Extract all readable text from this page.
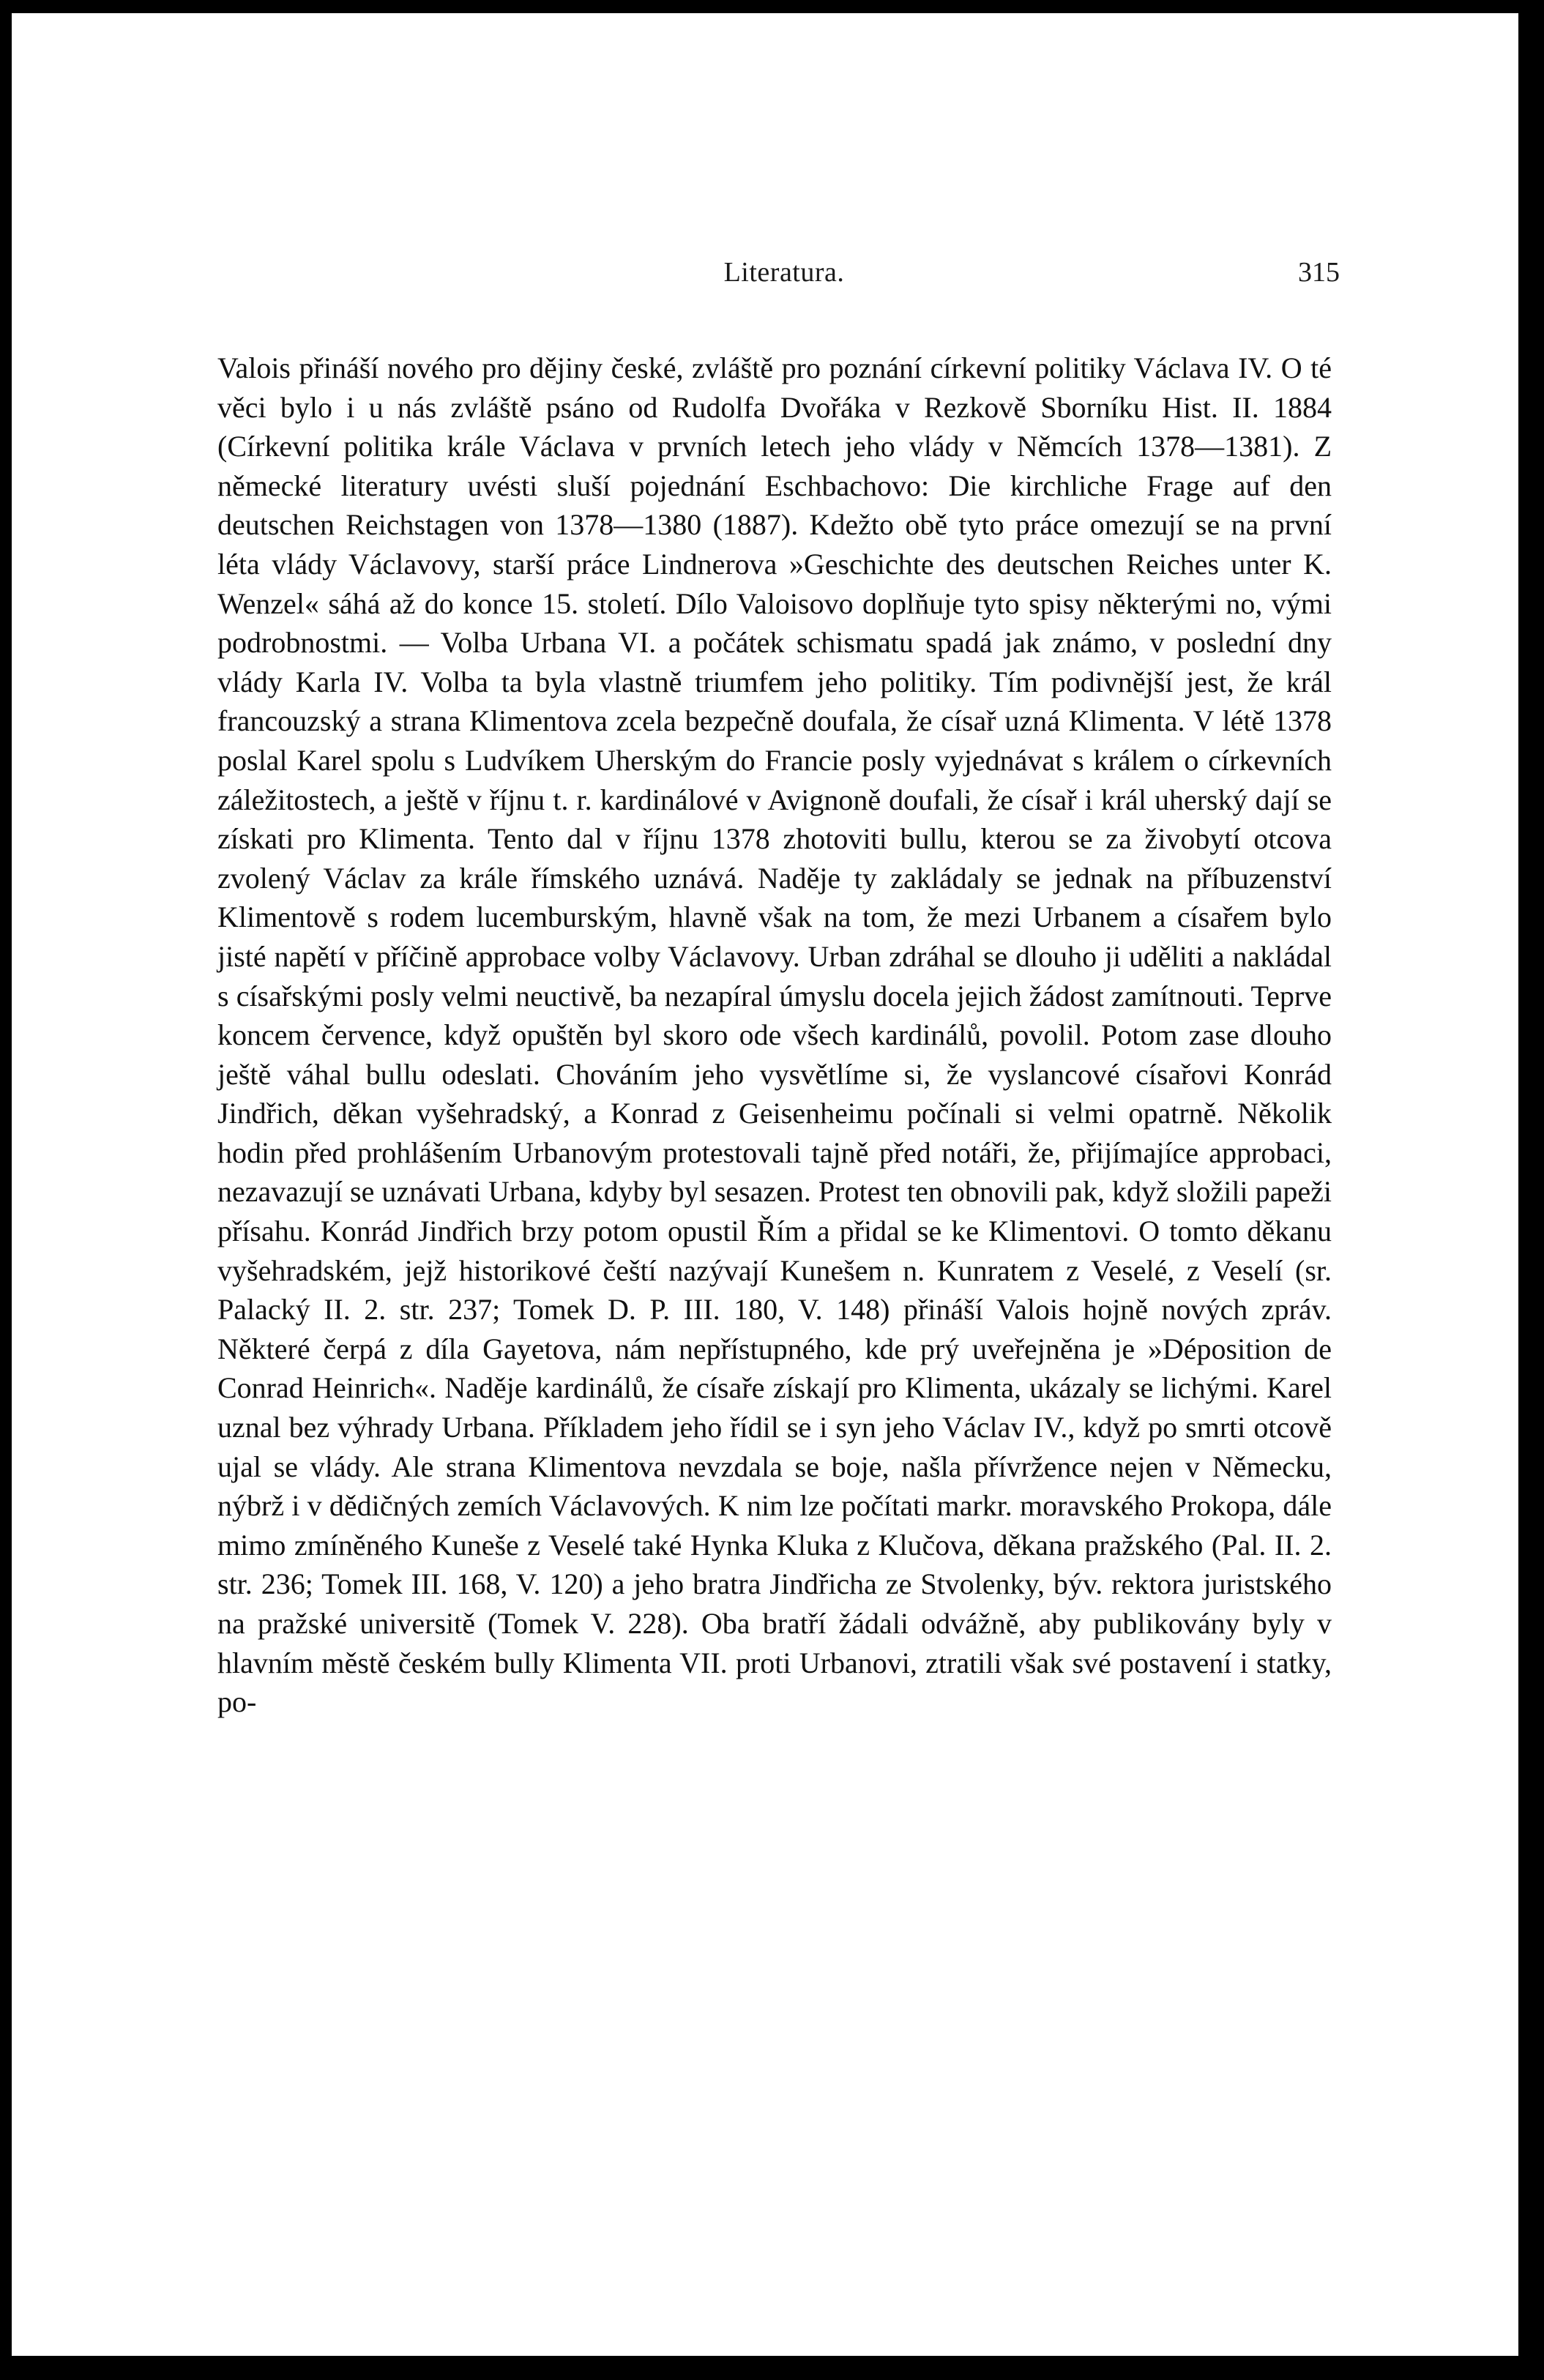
Literatura.	315

Valois přináší nového pro dějiny české, zvláště pro poznání církevní politiky Václava IV. O té věci bylo i u nás zvláště psáno od Rudolfa Dvořáka v Rezkově Sborníku Hist. II. 1884 (Církevní politika krále Václava v prvních letech jeho vlády v Němcích 1378—1381). Z německé literatury uvésti sluší pojednání Eschbachovo: Die kirchliche Frage auf den deutschen Reichstagen von 1378—1380 (1887). Kdežto obě tyto práce omezují se na první léta vlády Václavovy, starší práce Lindnerova »Geschichte des deutschen Reiches unter K. Wenzel« sáhá až do konce 15. století. Dílo Valoisovo doplňuje tyto spisy některými no, vými podrobnostmi. — Volba Urbana VI. a počátek schismatu spadá jak známo, v poslední dny vlády Karla IV. Volba ta byla vlastně triumfem jeho politiky. Tím podivnější jest, že král francouzský a strana Klimentova zcela bezpečně doufala, že císař uzná Klimenta. V létě 1378 poslal Karel spolu s Ludvíkem Uherským do Francie posly vyjednávat s králem o církevních záležitostech, a ještě v říjnu t. r. kardinálové v Avignoně doufali, že císař i král uherský dají se získati pro Klimenta. Tento dal v říjnu 1378 zhotoviti bullu, kterou se za živobytí otcova zvolený Václav za krále římského uznává. Naděje ty zakládaly se jednak na příbuzenství Klimentově s rodem lucemburským, hlavně však na tom, že mezi Urbanem a císařem bylo jisté napětí v příčině approbace volby Václavovy. Urban zdráhal se dlouho ji uděliti a nakládal s císařskými posly velmi neuctivě, ba nezapíral úmyslu docela jejich žádost zamítnouti. Teprve koncem července, když opuštěn byl skoro ode všech kardinálů, povolil. Potom zase dlouho ještě váhal bullu odeslati. Chováním jeho vysvětlíme si, že vyslancové císařovi Konrád Jindřich, děkan vyšehradský, a Konrad z Geisenheimu počínali si velmi opatrně. Několik hodin před prohlášením Urbanovým protestovali tajně před notáři, že, přijímajíce approbaci, nezavazují se uznávati Urbana, kdyby byl sesazen. Protest ten obnovili pak, když složili papeži přísahu. Konrád Jindřich brzy potom opustil Řím a přidal se ke Klimentovi. O tomto děkanu vyšehradském, jejž historikové čeští nazývají Kunešem n. Kunratem z Veselé, z Veselí (sr. Palacký II. 2. str. 237; Tomek D. P. III. 180, V. 148) přináší Valois hojně nových zpráv. Některé čerpá z díla Gayetova, nám nepřístupného, kde prý uveřejněna je »Déposition de Conrad Heinrich«. Naděje kardinálů, že císaře získají pro Klimenta, ukázaly se lichými. Karel uznal bez výhrady Urbana. Příkladem jeho řídil se i syn jeho Václav IV., když po smrti otcově ujal se vlády. Ale strana Klimentova nevzdala se boje, našla přívržence nejen v Německu, nýbrž i v dědičných zemích Václavových. K nim lze počítati markr. moravského Prokopa, dále mimo zmíněného Kuneše z Veselé také Hynka Kluka z Klučova, děkana pražského (Pal. II. 2. str. 236; Tomek III. 168, V. 120) a jeho bratra Jindřicha ze Stvolenky, býv. rektora juristského na pražské universitě (Tomek V. 228). Oba bratří žádali odvážně, aby publikovány byly v hlavním městě českém bully Klimenta VII. proti Urbanovi, ztratili však své postavení i statky, po-
